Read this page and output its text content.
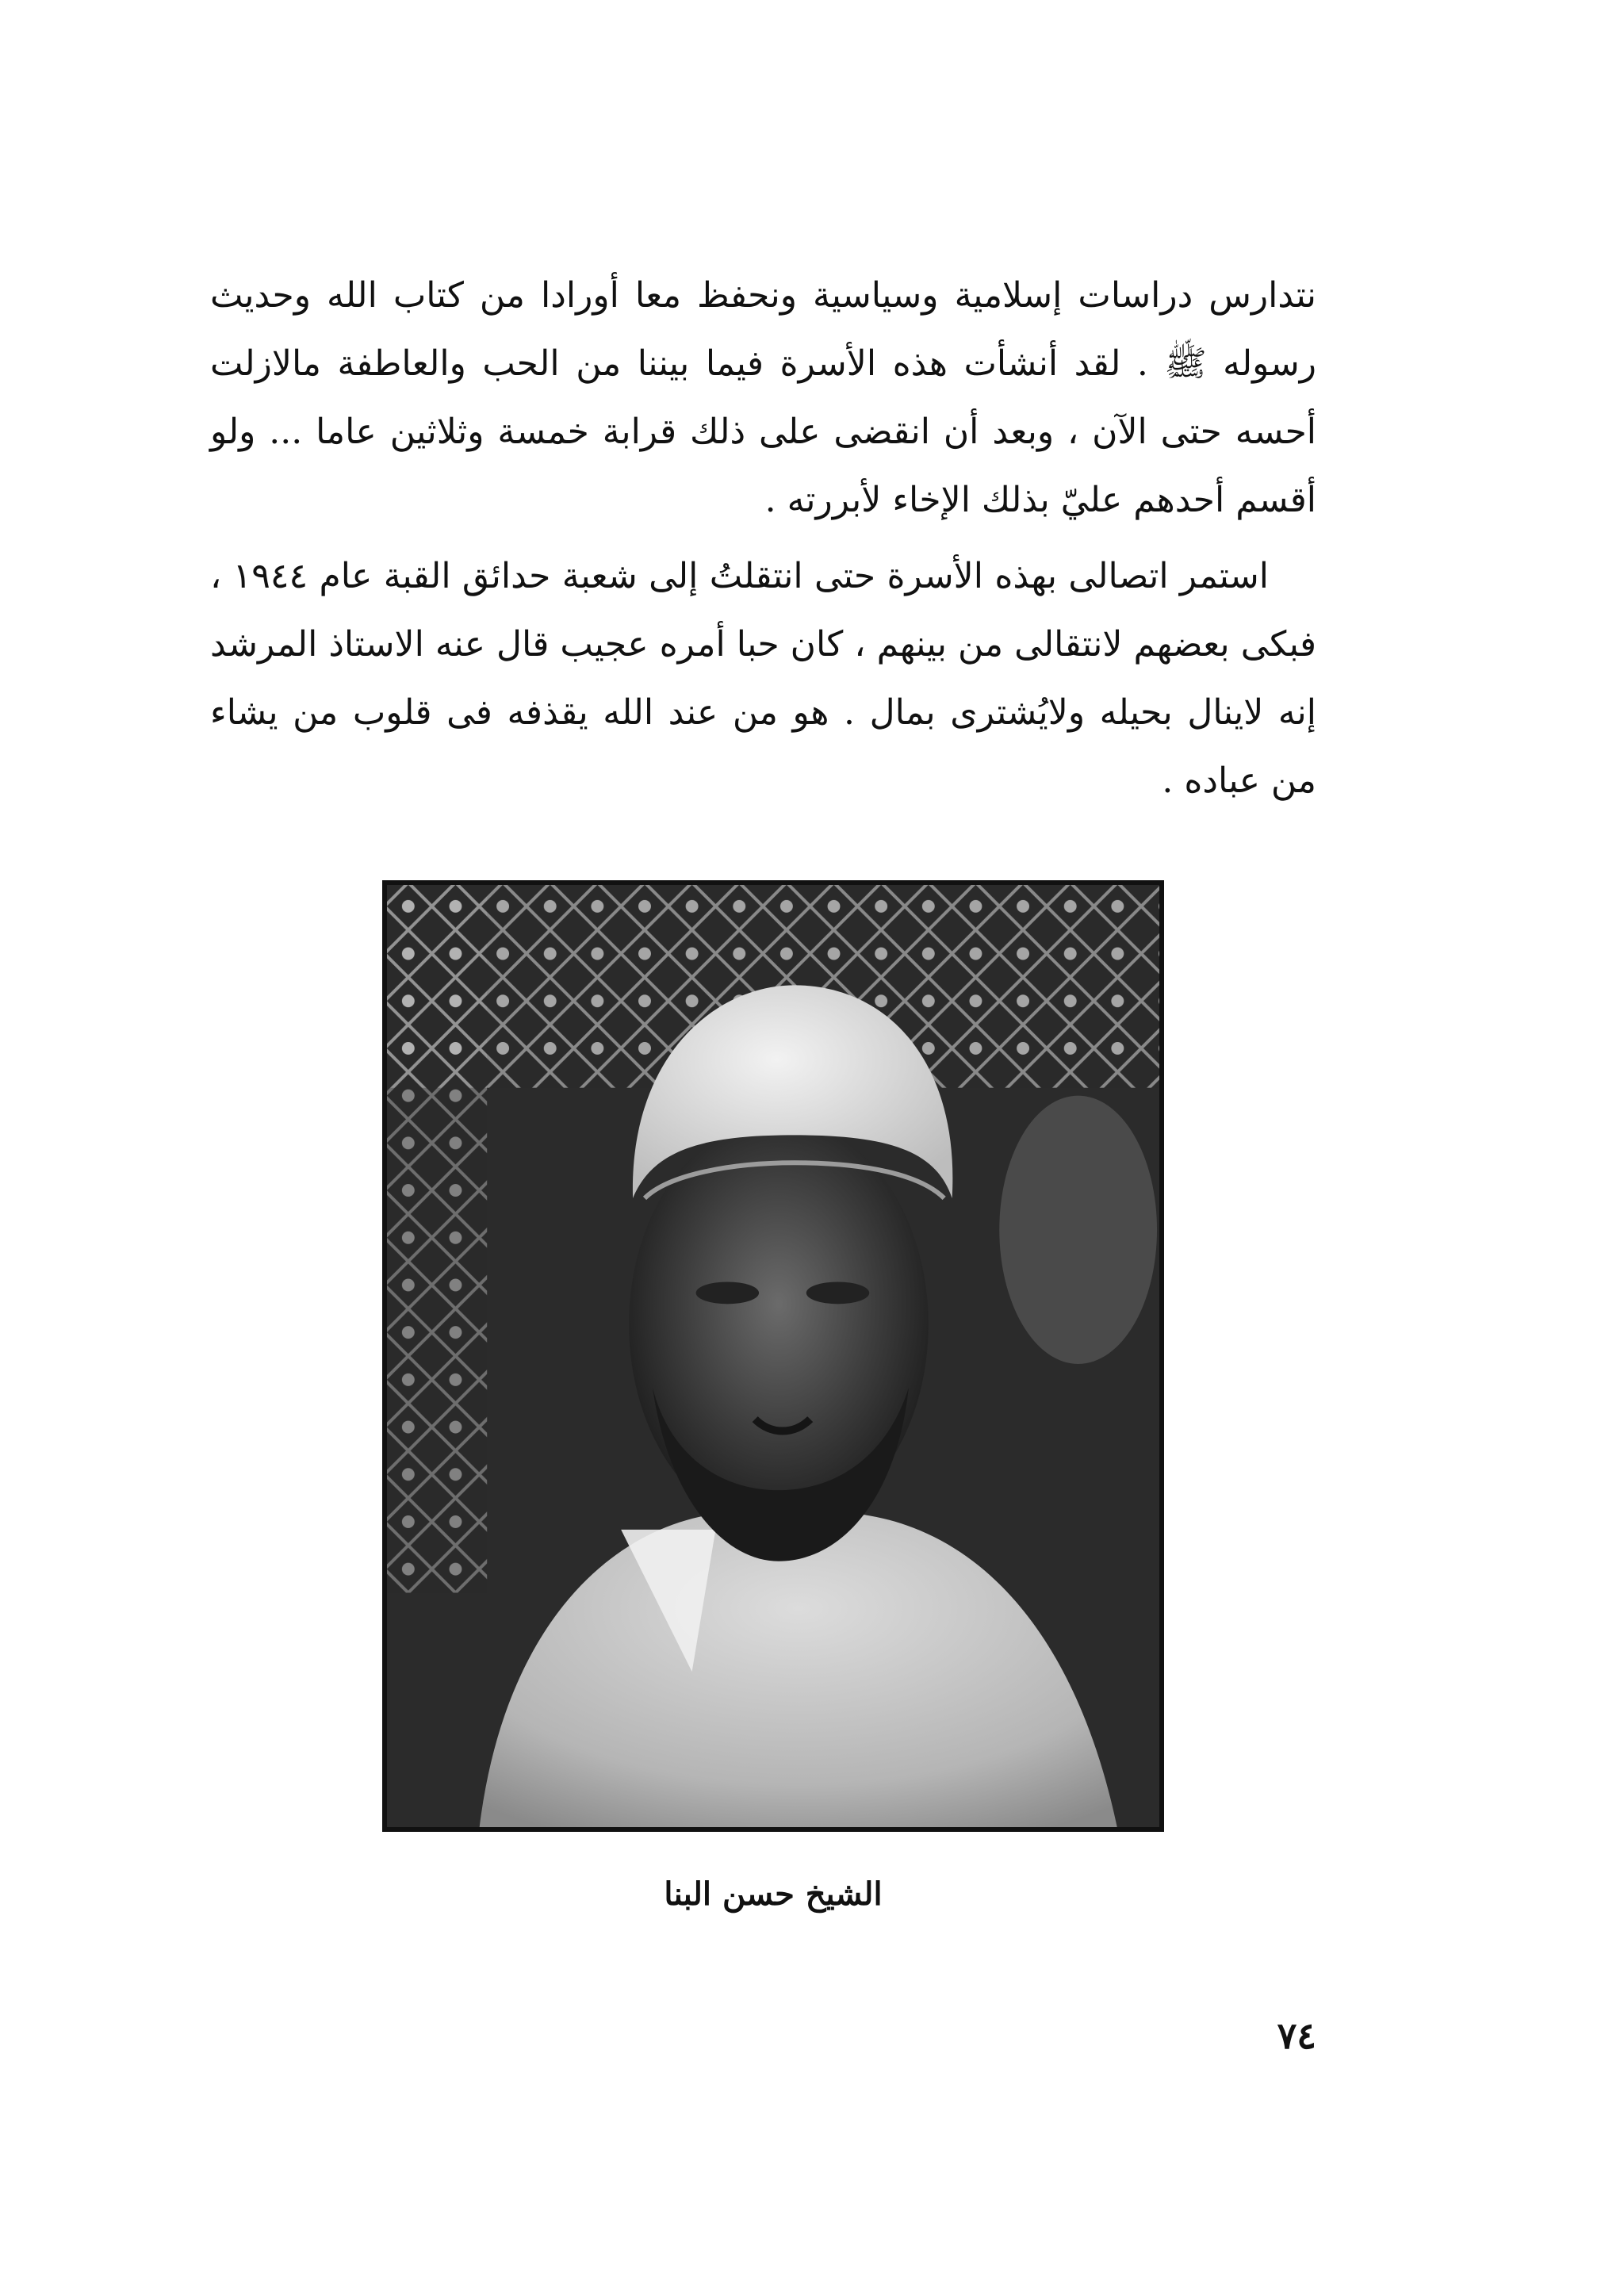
نتدارس دراسات إسلامية وسياسية ونحفظ معا أورادا من كتاب الله وحديث رسوله ﷺ . لقد أنشأت هذه الأسرة فيما بيننا من الحب والعاطفة مالازلت أحسه حتى الآن ، وبعد أن انقضى على ذلك قرابة خمسة وثلاثين عاما ... ولو أقسم أحدهم عليّ بذلك الإخاء لأبررته .

استمر اتصالى بهذه الأسرة حتى انتقلتُ إلى شعبة حدائق القبة عام ١٩٤٤ ، فبكى بعضهم لانتقالى من بينهم ، كان حبا أمره عجيب قال عنه الاستاذ المرشد إنه لاينال بحيله ولايُشترى بمال . هو من عند الله يقذفه فى قلوب من يشاء من عباده .

الشيخ حسن البنا
٧٤
